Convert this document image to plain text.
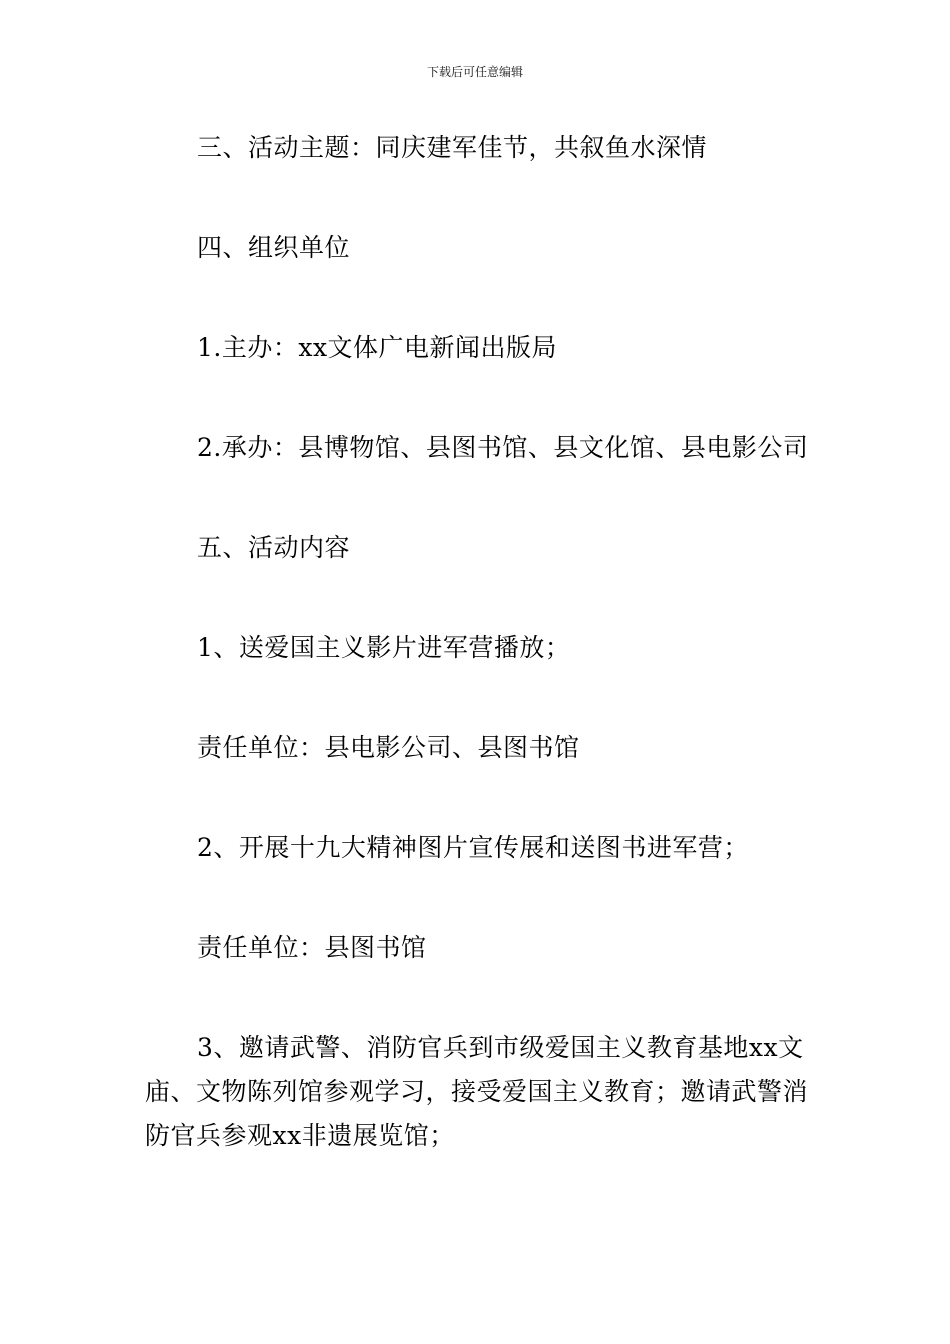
下载后可任意编辑

三、活动主题：同庆建军佳节，共叙鱼水深情

四、组织单位

1.主办：xx文体广电新闻出版局

2.承办：县博物馆、县图书馆、县文化馆、县电影公司

五、活动内容

1、送爱国主义影片进军营播放；

责任单位：县电影公司、县图书馆

2、开展十九大精神图片宣传展和送图书进军营；

责任单位：县图书馆

3、邀请武警、消防官兵到市级爱国主义教育基地xx文庙、文物陈列馆参观学习，接受爱国主义教育；邀请武警消防官兵参观xx非遗展览馆；
